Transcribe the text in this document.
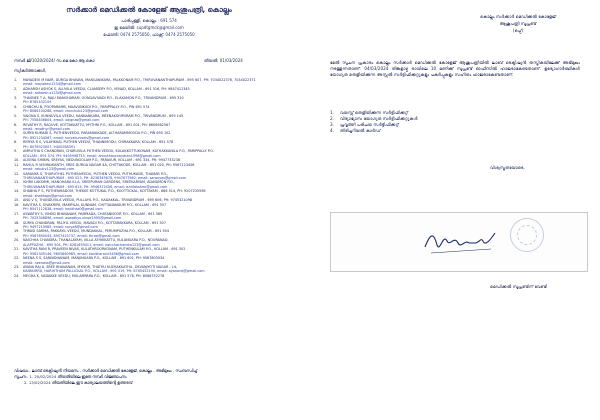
സർക്കാർ മെഡിക്കൽ കോളേജ് ആശുപത്രി, കൊല്ലം
പാരിപ്പള്ളി, കൊല്ലം - 691 574
ഇ മെയിൽ: supdtgmck@gmail.com
ഫോൺ: 0474 2575050, ഫാക്സ്: 0474 2575050
നമ്പർ ജി/1020/2024/ സ.മെ.കോ.ആ.കൊ	തീയതി: 01/03/2024
സ്വീകർത്താക്കൾ,
1. MAYADEVI M NAIR, DURGA BHAVAN, MANGANIKARA, PALKKONAM P.O., THIRUVANANTHAPURAM - 695 607, PH: 7034022376, 7034022371
email: mayadevi1234@gmail.com
2. ADHARSH ASHOK S, ALUVILA VEEDU, CLAMSERY P.O, VENAD, KOLLAM - 691 516, PH: 9847412345
email: adharsh.s1234@gmail.com
3. THASNEE T A, RAJU MANOHARAM, OONGAVIVADI P.O., ELAKAMON P.O., TRIVANDRUM - 695 310
PH: 8765432109
4. CHINCHU B, POOPARAMB, MAAVUNKUDI P.O., PARIPPALLY P.O., PIN 691 574
PH: 8086100288, email: chinchub123@gmail.com
5. VAIGNA S, KUNNUVILA VEEDU, KANNANKARA, MEENAKSHIPURAM P.O., TRIVANDRUM - 695 145
PH: 7558446804, email: vaignas@gmail.com
6. REVATHY R, RAGUVE, KOTTAKKATTU, MYTHRI P.O., KOLLAM - 691 001, PH: 8606582567
email: revathyr@gmail.com
7. SURYA KUMARI S, PUTHENVEEDU, PARAMAKKADE, ALTHARAMMOODU P.O., PIN 690 102
PH: 8921234567, email: suryakumaris@gmail.com
8. REMYA R S, VILAYIKKAL PUTHEN VEEDU, THANNIMODU, CHIRAKKARA, KOLLAM - 691 578
PH: 8078923007, 9400288391
9. AMRUTHA S CHANDRAN, CHARUVILA PUTHEN VEEDU, KULAKKOTTUKONAM, KATHAKKANILA P.O., PARIPPALLY P.O.
KOLLAM - 691 574, PH: 9495998755, email: amruthaschandran1998@gmail.com
10. ALEENA SHIBIN, SREYAS, NEDUNGOLAM P.O., PARAVUR, KOLLAM - 691 334, PH: 9947733238
11. RAHUL R VISHNUKANTH, SREE DURGA NAGAR 4A, CHITTAKODE, KOLLAM - 691 020, PH: 9567123456
email: rahulrv123@gmail.com
12. SARANYA S, THURUTHEL PUTHENVEEDU, PUTHEN VEEDU, PUTHUKADE, THAMAR P.O.,
THIRUVANANTHAPURAM - 695 023, PH: 6238345678, 9947677962, email: saranyas@gmail.com
13. ISHRII LAKSHMI, MANOHARA ILLA, SREEPURAM GARDENS, SREEKARYAM, ADAYAMON P.O.,
THIRUVANANTHAPURAM - 695 614, PH: 9946372456, email: ishrilakshmi@gmail.com
14. SHABHA P S, PUTHENMADOM, THEKKE KOTTUKAL P.O., KOOTTICKAL, KOTTAYAM - 686 514, PH: 9207235598
email: shabhaps@gmail.com
15. ANU V S, THUNDUVILA VEEDU, PULLAYIL P.O., KADAKKAL, TRIVANDRUM - 695 606, PH: 9745321098
16. KAVITHA S, SIVAKRIPA, MAMPILAI, KUNNAM, CHITTANANDUM P.O., KOLLAM - 691 557
PH: 8547112838, email: kavithas0@gmail.com
17. ASWATHY S, VINOD BHAVANAM, PAMMADA, CHATANNOOR P.O., KOLLAM - 691 589
PH: 7025346898, email: aswathys.vinod1995@gmail.com
18. SURYA CHANDRAN, PALIYIL VEEDU, MAVADI P.O., KOTTARAKKARA, KOLLAM - 691 507
PH: 9497210985, email: surya8@gmail.com
19. THRASI SARMA, PAKKAYIL VEEDU, MUNDAKKAL, PERUMPUZHA P.O., KOLLAM - 691 504
PH: 9567890043, 8907425737, email: thrasi@gmail.com
20. NAICHHA CHANDRA, THANALAYAM, VILLA ATHIKKATTU, KULANGARA P.O., NOORANAD,
ALAPPUZHA - 690 504, PH: 8281659411, email: naicchachandra123@gmail.com
21. KAVITHA RANI R, PRAVEEN NIVAS, KULATHROORKONAM, PUTHENKULAM P.O., KOLLAM - 691 302
PH: 9562345146, 9605860985, email: kavitharanir3456@gmail.com
22. NEENA S S, SANNIDHANAM, MANJINGARA P.O., KOLLAM - 691 601, PH: 9567803034
email: neenass@gmail.com
23. AYANA RAJ A, SREE BHAVANAM, MYNOR, THATHU KUZHAKKATHIL, DEVANJYOTI NAGAR - 14,
KANNURRU, HARIHTHAM PALLICKAL P.O., KOLLAM - 691 019, PH: 8765432190, email: ayanaraj@gmail.com
24. MEGHA K, VADAKKE VEEDU, MULAMPARA P.O., KOLLAM - 691 576, PH: 8086752276

വിഷയം:- ലാബ് ടെക്നിഷ്യൻ നിയമനം - സർക്കാർ മെഡിക്കൽ കോളേജ്, കൊല്ലം - അഭിമുഖം - സംബന്ധിച്ച്

സൂചന:- 1. 20/02/2024 തീയതിയിലെ ഇതേ നമ്പർ വിജ്ഞാപനം

2. 13/02/2024 തീയതിയിലെ ഈ കാര്യാലയത്തിന്റെ ഉത്തരവ്

കൊല്ലം സർക്കാർ മെഡിക്കൽ കോളേജ്
ആശുപത്രി സൂപ്രണ്ട്
(ഒപ്പ്)
മേൽ സൂചന പ്രകാരം കൊല്ലം സർക്കാർ മെഡിക്കൽ കോളേജ് ആശുപത്രിയിൽ ലാബ് ടെക്നിഷ്യൻ തസ്തികയിലേക്ക് അഭിമുഖം നടത്തുന്നതാണ്. 04/03/2024 തിങ്കളാഴ്ച രാവിലെ 10 മണിക്ക് സൂപ്രണ്ട് ഓഫീസിൽ ഹാജരാകേണ്ടതാണ്. ഉദ്യോഗാർത്ഥികൾ യോഗ്യത തെളിയിക്കുന്ന അസ്സൽ സർട്ടിഫിക്കറ്റുകളും പകർപ്പുകളും സഹിതം ഹാജരാകേണ്ടതാണ്.
1. വയസ്സ് തെളിയിക്കുന്ന സർട്ടിഫിക്കറ്റ്
2. വിദ്യാഭ്യാസ യോഗ്യത സർട്ടിഫിക്കറ്റുകൾ
3. പ്രവൃത്തി പരിചയ സർട്ടിഫിക്കറ്റ്
4. തിരിച്ചറിയൽ കാർഡ്
വിശ്വസ്തതയോടെ,
മെഡിക്കൽ സൂപ്രണ്ടിന് വേണ്ടി
